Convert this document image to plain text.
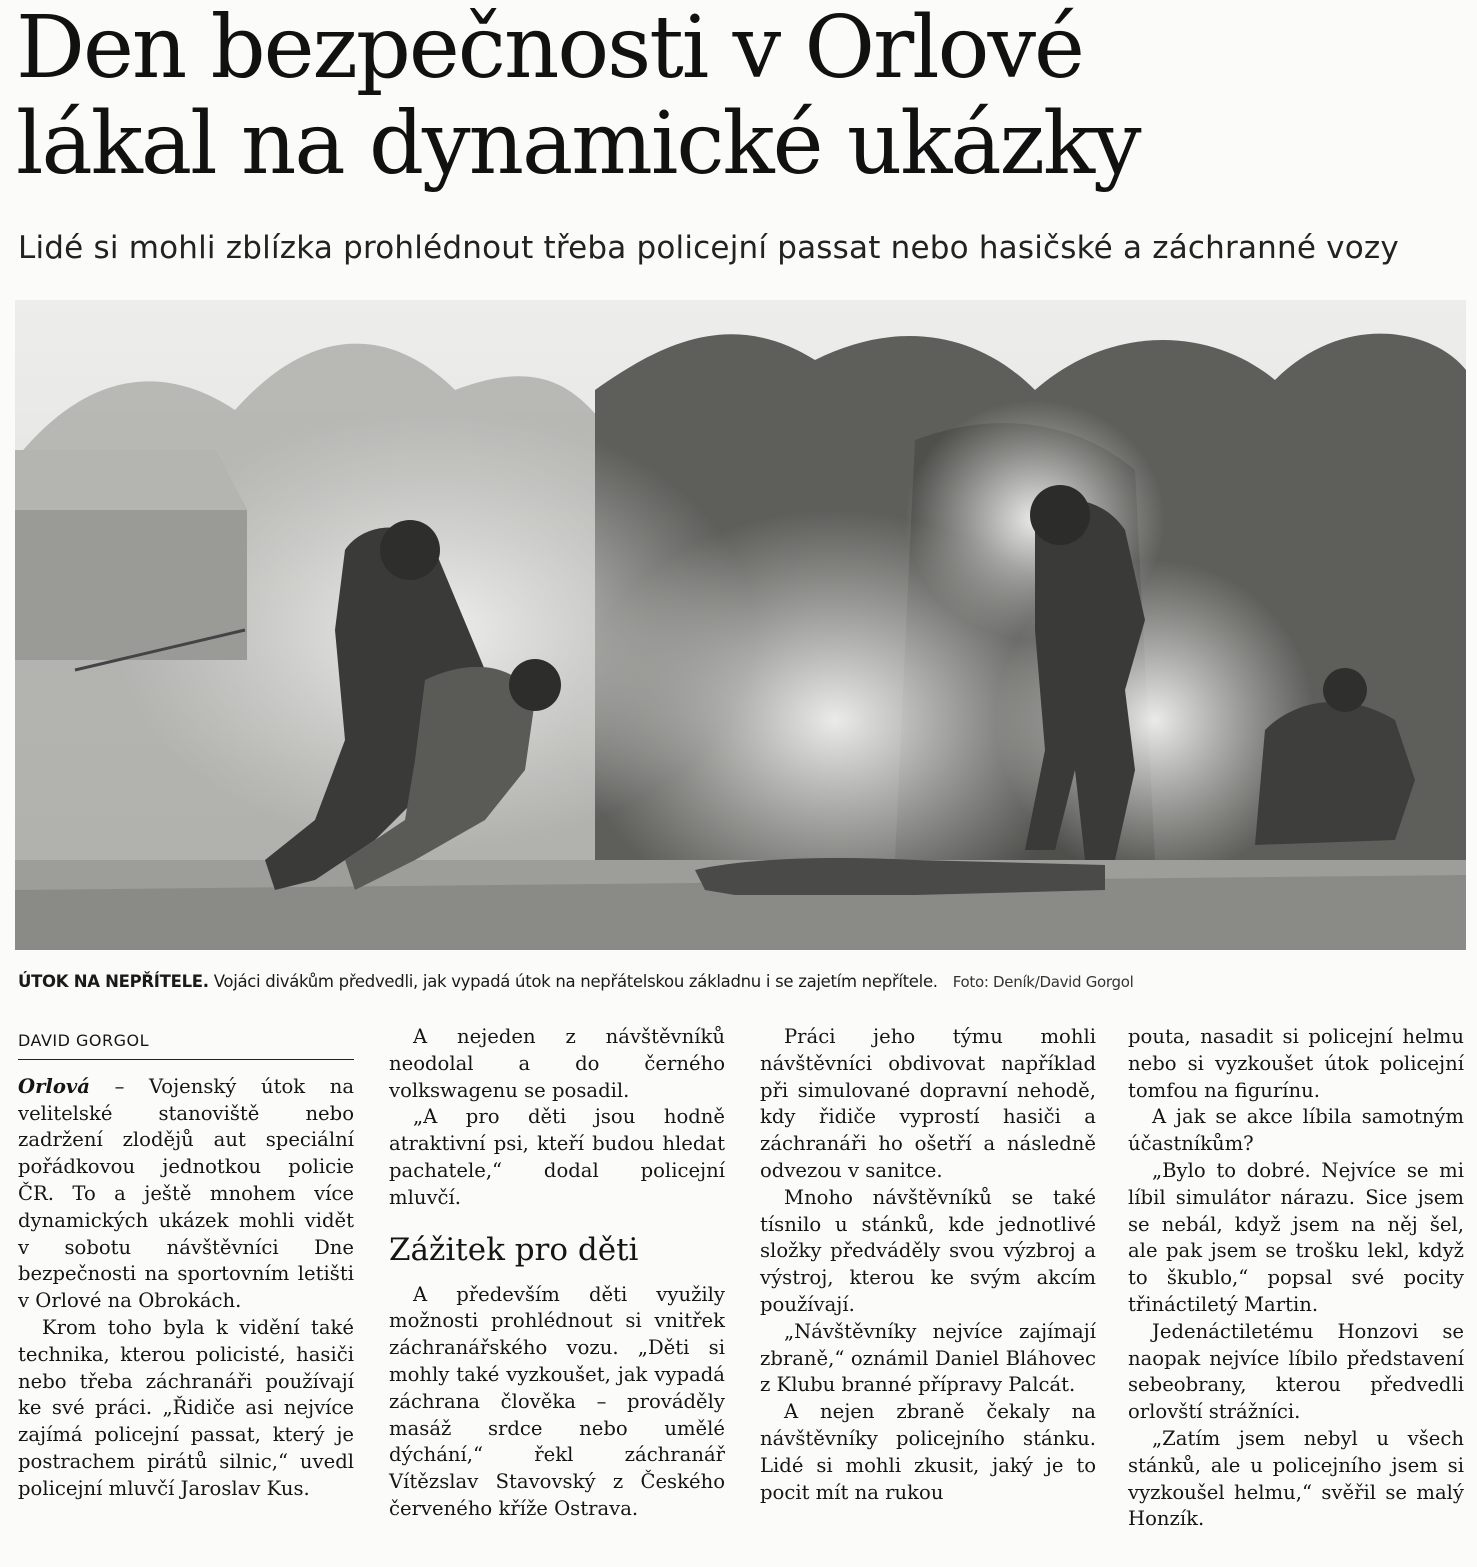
Den bezpečnosti v Orlové
lákal na dynamické ukázky
Lidé si mohli zblízka prohlédnout třeba policejní passat nebo hasičské a záchranné vozy
ÚTOK NA NEPŘÍTELE. Vojáci divákům předvedli, jak vypadá útok na nepřátelskou základnu i se zajetím nepřítele. Foto: Deník/David Gorgol
DAVID GORGOL

Orlová – Vojenský útok na velitelské stanoviště nebo zadržení zlodějů aut speciální pořádkovou jednotkou policie ČR. To a ještě mnohem více dynamických ukázek mohli vidět v sobotu návštěvníci Dne bezpečnosti na sportovním letišti v Orlové na Obrokách.

Krom toho byla k vidění také technika, kterou policisté, hasiči nebo třeba záchranáři používají ke své práci. „Řidiče asi nejvíce zajímá policejní passat, který je postrachem pirátů silnic,“ uvedl policejní mluvčí Jaroslav Kus.

A nejeden z návštěvníků neodolal a do černého volkswagenu se posadil.

„A pro děti jsou hodně atraktivní psi, kteří budou hledat pachatele,“ dodal policejní mluvčí.

Zážitek pro děti

A především děti využily možnosti prohlédnout si vnitřek záchranářského vozu. „Děti si mohly také vyzkoušet, jak vypadá záchrana člověka – prováděly masáž srdce nebo umělé dýchání,“ řekl záchranář Vítězslav Stavovský z Českého červeného kříže Ostrava.

Práci jeho týmu mohli návštěvníci obdivovat například při simulované dopravní nehodě, kdy řidiče vyprostí hasiči a záchranáři ho ošetří a následně odvezou v sanitce.

Mnoho návštěvníků se také tísnilo u stánků, kde jednotlivé složky předváděly svou výzbroj a výstroj, kterou ke svým akcím používají.

„Návštěvníky nejvíce zajímají zbraně,“ oznámil Daniel Bláhovec z Klubu branné přípravy Palcát.

A nejen zbraně čekaly na návštěvníky policejního stánku. Lidé si mohli zkusit, jaký je to pocit mít na rukou

pouta, nasadit si policejní helmu nebo si vyzkoušet útok policejní tomfou na figurínu.

A jak se akce líbila samotným účastníkům?

„Bylo to dobré. Nejvíce se mi líbil simulátor nárazu. Sice jsem se nebál, když jsem na něj šel, ale pak jsem se trošku lekl, když to škublo,“ popsal své pocity třináctiletý Martin.

Jedenáctiletému Honzovi se naopak nejvíce líbilo představení sebeobrany, kterou předvedli orlovští strážníci.

„Zatím jsem nebyl u všech stánků, ale u policejního jsem si vyzkoušel helmu,“ svěřil se malý Honzík.
